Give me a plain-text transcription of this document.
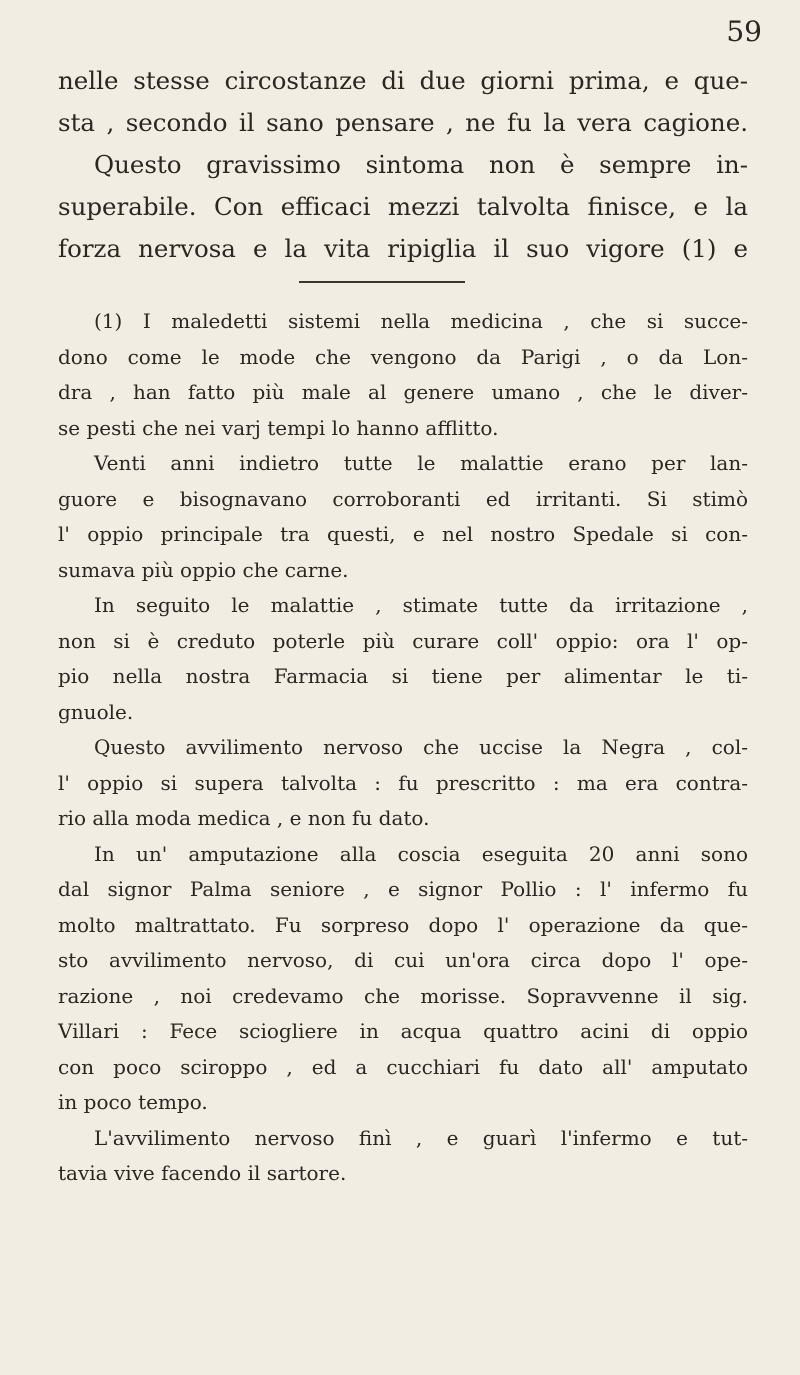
59
nelle stesse circostanze di due giorni prima, e que-
sta , secondo il sano pensare , ne fu la vera cagione.
Questo gravissimo sintoma non è sempre in-
superabile. Con efficaci mezzi talvolta finisce, e la
forza nervosa e la vita ripiglia il suo vigore (1) e
(1) I maledetti sistemi nella medicina , che si succe-
dono come le mode che vengono da Parigi , o da Lon-
dra , han fatto più male al genere umano , che le diver-
se pesti che nei varj tempi lo hanno afflitto.
Venti anni indietro tutte le malattie erano per lan-
guore e bisognavano corroboranti ed irritanti. Si stimò
l' oppio principale tra questi, e nel nostro Spedale si con-
sumava più oppio che carne.
In seguito le malattie , stimate tutte da irritazione ,
non si è creduto poterle più curare coll' oppio: ora l' op-
pio nella nostra Farmacia si tiene per alimentar le ti-
gnuole.
Questo avvilimento nervoso che uccise la Negra , col-
l' oppio si supera talvolta : fu prescritto : ma era contra-
rio alla moda medica , e non fu dato.
In un' amputazione alla coscia eseguita 20 anni sono
dal signor Palma seniore , e signor Pollio : l' infermo fu
molto maltrattato. Fu sorpreso dopo l' operazione da que-
sto avvilimento nervoso, di cui un'ora circa dopo l' ope-
razione , noi credevamo che morisse. Sopravvenne il sig.
Villari : Fece sciogliere in acqua quattro acini di oppio
con poco sciroppo , ed a cucchiari fu dato all' amputato
in poco tempo.
L'avvilimento nervoso finì , e guarì l'infermo e tut-
tavia vive facendo il sartore.
